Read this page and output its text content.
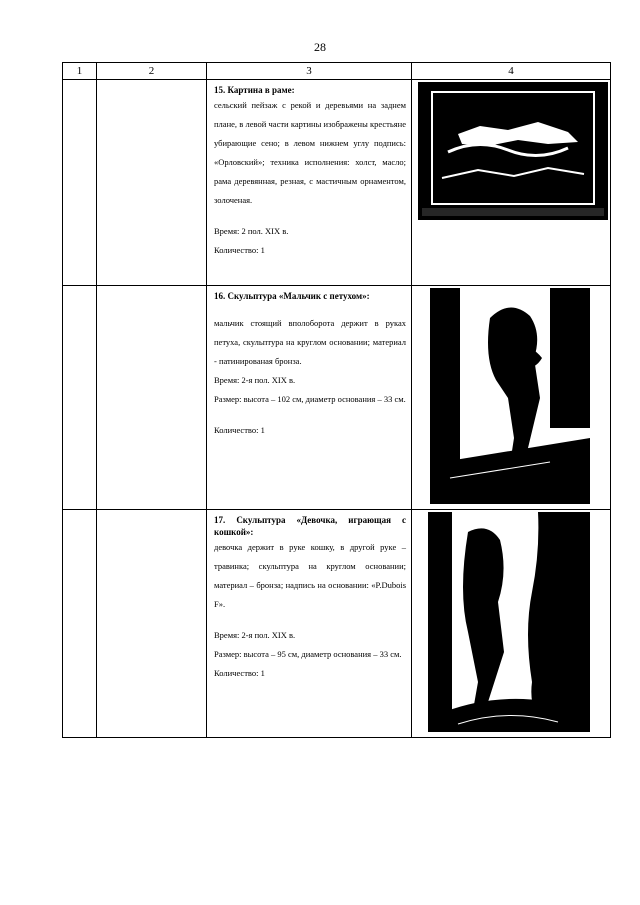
28
1	2	3	4

		15. Картина в раме:
сельский пейзаж с рекой и деревьями на заднем плане, в левой части картины изображены крестьяне убирающие сено; в левом нижнем углу подпись: «Орловский»; техника исполнения: холст, масло; рама деревянная, резная, с мастичным орнаментом, золоченая.
Время: 2 пол. XIX в.
Количество: 1

		16. Скульптура «Мальчик с петухом»:
мальчик стоящий вполоборота держит в руках петуха, скульптура на круглом основании; материал - патинированая бронза.
Время: 2-я пол. XIX в.
Размер: высота – 102 см, диаметр основания – 33 см.
Количество: 1

		17. Скульптура «Девочка, играющая с кошкой»:
девочка держит в руке кошку, в другой руке – травинка; скульптура на круглом основании; материал – бронза; надпись на основании: «P.Dubois F».
Время: 2-я пол. XIX в.
Размер: высота – 95 см, диаметр основания – 33 см.
Количество: 1
